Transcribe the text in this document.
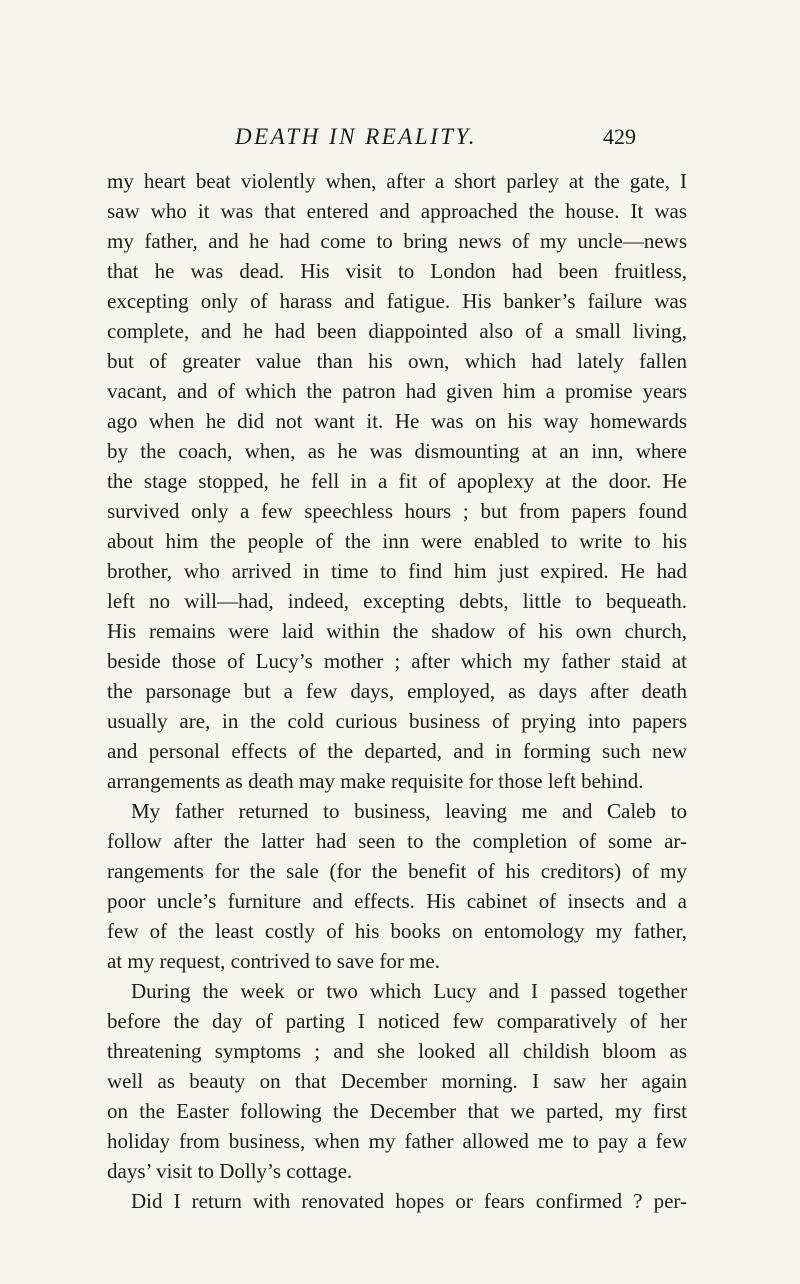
DEATH IN REALITY.	429
my heart beat violently when, after a short parley at the gate, I
saw who it was that entered and approached the house. It was
my father, and he had come to bring news of my uncle—news
that he was dead. His visit to London had been fruitless,
excepting only of harass and fatigue. His banker’s failure was
complete, and he had been diappointed also of a small living,
but of greater value than his own, which had lately fallen
vacant, and of which the patron had given him a promise years
ago when he did not want it. He was on his way homewards
by the coach, when, as he was dismounting at an inn, where
the stage stopped, he fell in a fit of apoplexy at the door. He
survived only a few speechless hours ; but from papers found
about him the people of the inn were enabled to write to his
brother, who arrived in time to find him just expired. He had
left no will—had, indeed, excepting debts, little to bequeath.
His remains were laid within the shadow of his own church,
beside those of Lucy’s mother ; after which my father staid at
the parsonage but a few days, employed, as days after death
usually are, in the cold curious business of prying into papers
and personal effects of the departed, and in forming such new
arrangements as death may make requisite for those left behind.
My father returned to business, leaving me and Caleb to
follow after the latter had seen to the completion of some ar-
rangements for the sale (for the benefit of his creditors) of my
poor uncle’s furniture and effects. His cabinet of insects and a
few of the least costly of his books on entomology my father,
at my request, contrived to save for me.
During the week or two which Lucy and I passed together
before the day of parting I noticed few comparatively of her
threatening symptoms ; and she looked all childish bloom as
well as beauty on that December morning. I saw her again
on the Easter following the December that we parted, my first
holiday from business, when my father allowed me to pay a few
days’ visit to Dolly’s cottage.
Did I return with renovated hopes or fears confirmed ? per-
